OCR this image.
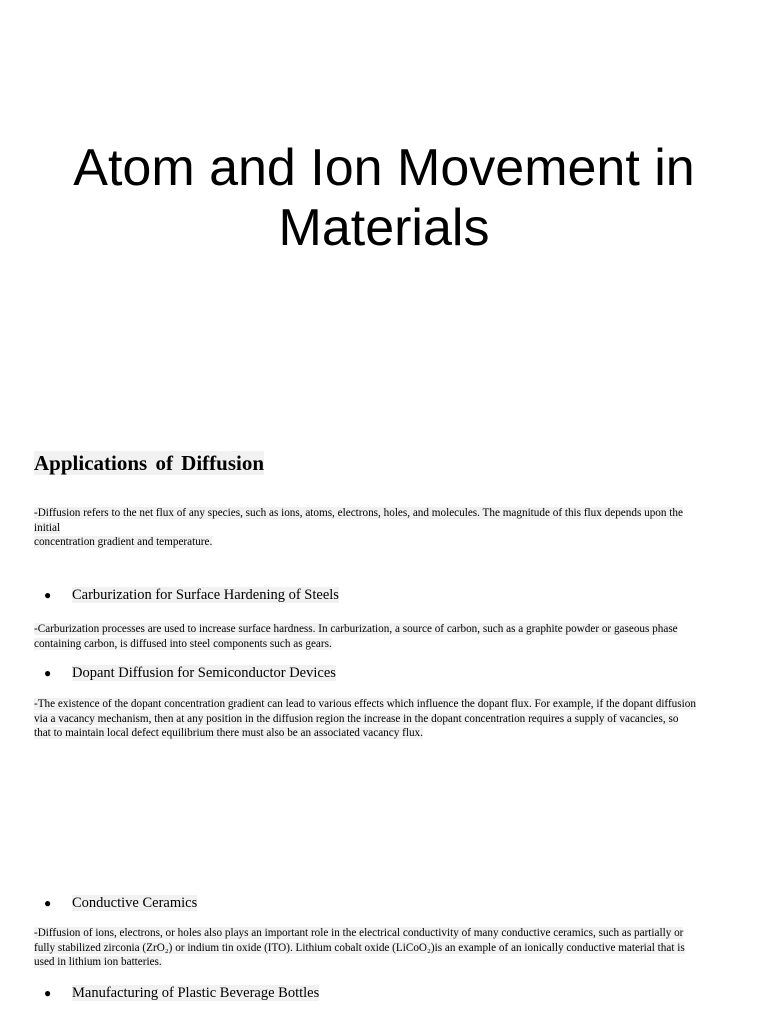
Atom and Ion Movement in
Materials
Applications of Diffusion

-Diffusion refers to the net flux of any species, such as ions, atoms, electrons, holes, and molecules. The magnitude of this flux depends upon the
initial
concentration gradient and temperature.

● Carburization for Surface Hardening of Steels

-Carburization processes are used to increase surface hardness. In carburization, a source of carbon, such as a graphite powder or gaseous phase
containing carbon, is diffused into steel components such as gears.

● Dopant Diffusion for Semiconductor Devices

-The existence of the dopant concentration gradient can lead to various effects which influence the dopant flux. For example, if the dopant diffusion
via a vacancy mechanism, then at any position in the diffusion region the increase in the dopant concentration requires a supply of vacancies, so
that to maintain local defect equilibrium there must also be an associated vacancy flux.

● Conductive Ceramics

-Diffusion of ions, electrons, or holes also plays an important role in the electrical conductivity of many conductive ceramics, such as partially or
fully stabilized zirconia (ZrO₂) or indium tin oxide (ITO). Lithium cobalt oxide (LiCoO₂)is an example of an ionically conductive material that is
used in lithium ion batteries.

● Manufacturing of Plastic Beverage Bottles
